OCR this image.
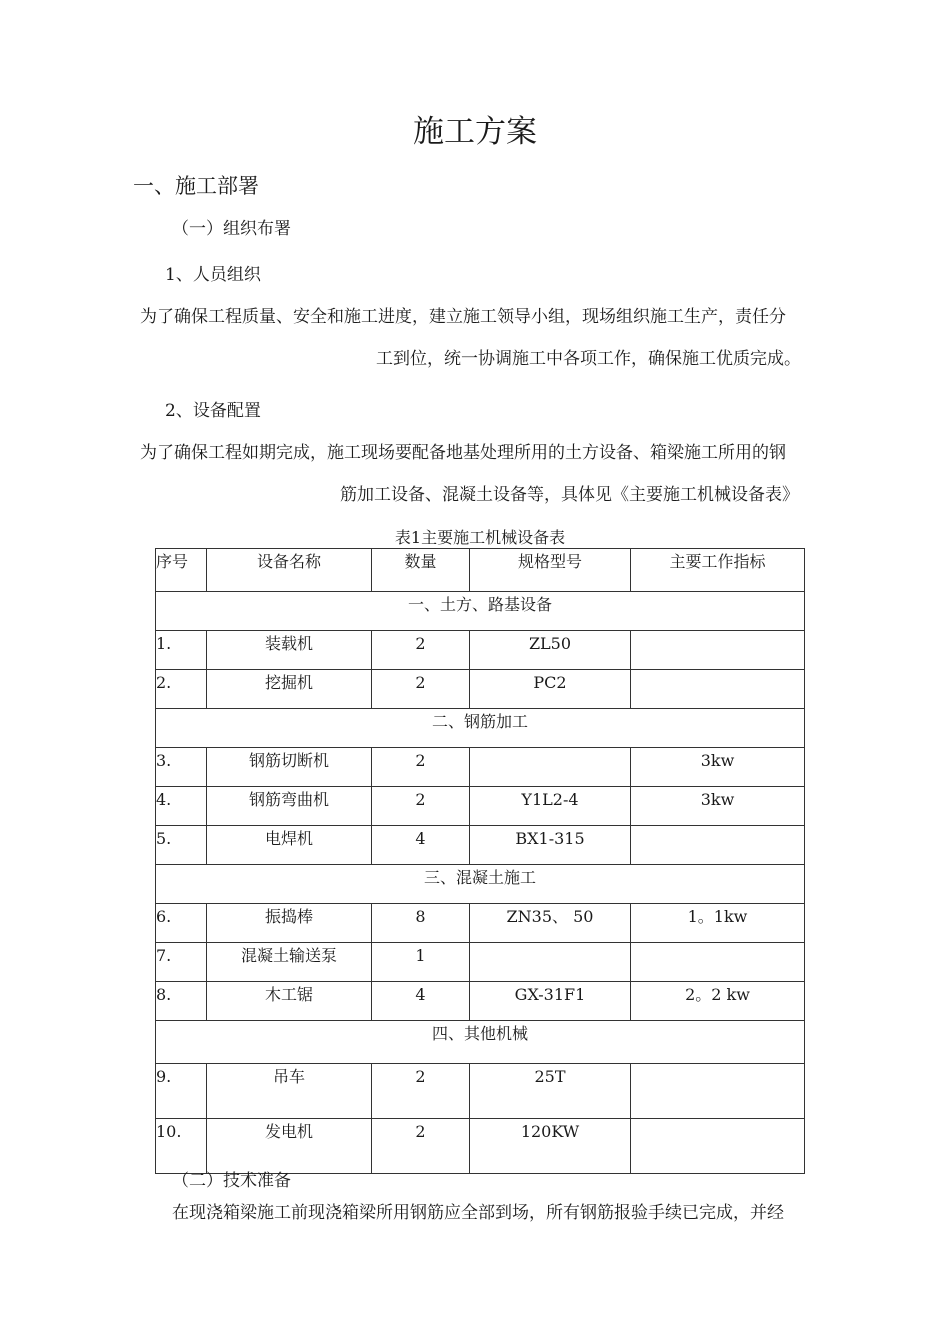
施工方案
一、施工部署
（一）组织布署
1、人员组织
为了确保工程质量、安全和施工进度，建立施工领导小组，现场组织施工生产，责任分
工到位，统一协调施工中各项工作，确保施工优质完成。
2、设备配置
为了确保工程如期完成，施工现场要配备地基处理所用的土方设备、箱梁施工所用的钢
筋加工设备、混凝土设备等，具体见《主要施工机械设备表》
表1主要施工机械设备表
序号	设备名称	数量	规格型号	主要工作指标
一、土方、路基设备				
1.	装载机	2	ZL50	
2.	挖掘机	2	PC2	
二、钢筋加工				
3.	钢筋切断机	2		3kw
4.	钢筋弯曲机	2	Y1L2-4	3kw
5.	电焊机	4	BX1-315	
三、混凝土施工				
6.	振捣棒	8	ZN35、 50	1。1kw
7.	混凝土输送泵	1		
8.	木工锯	4	GX-31F1	2。2 kw
四、其他机械				
9.	吊车	2	25T	
10.	发电机	2	120KW	
（二）技术准备
在现浇箱梁施工前现浇箱梁所用钢筋应全部到场，所有钢筋报验手续已完成，并经
